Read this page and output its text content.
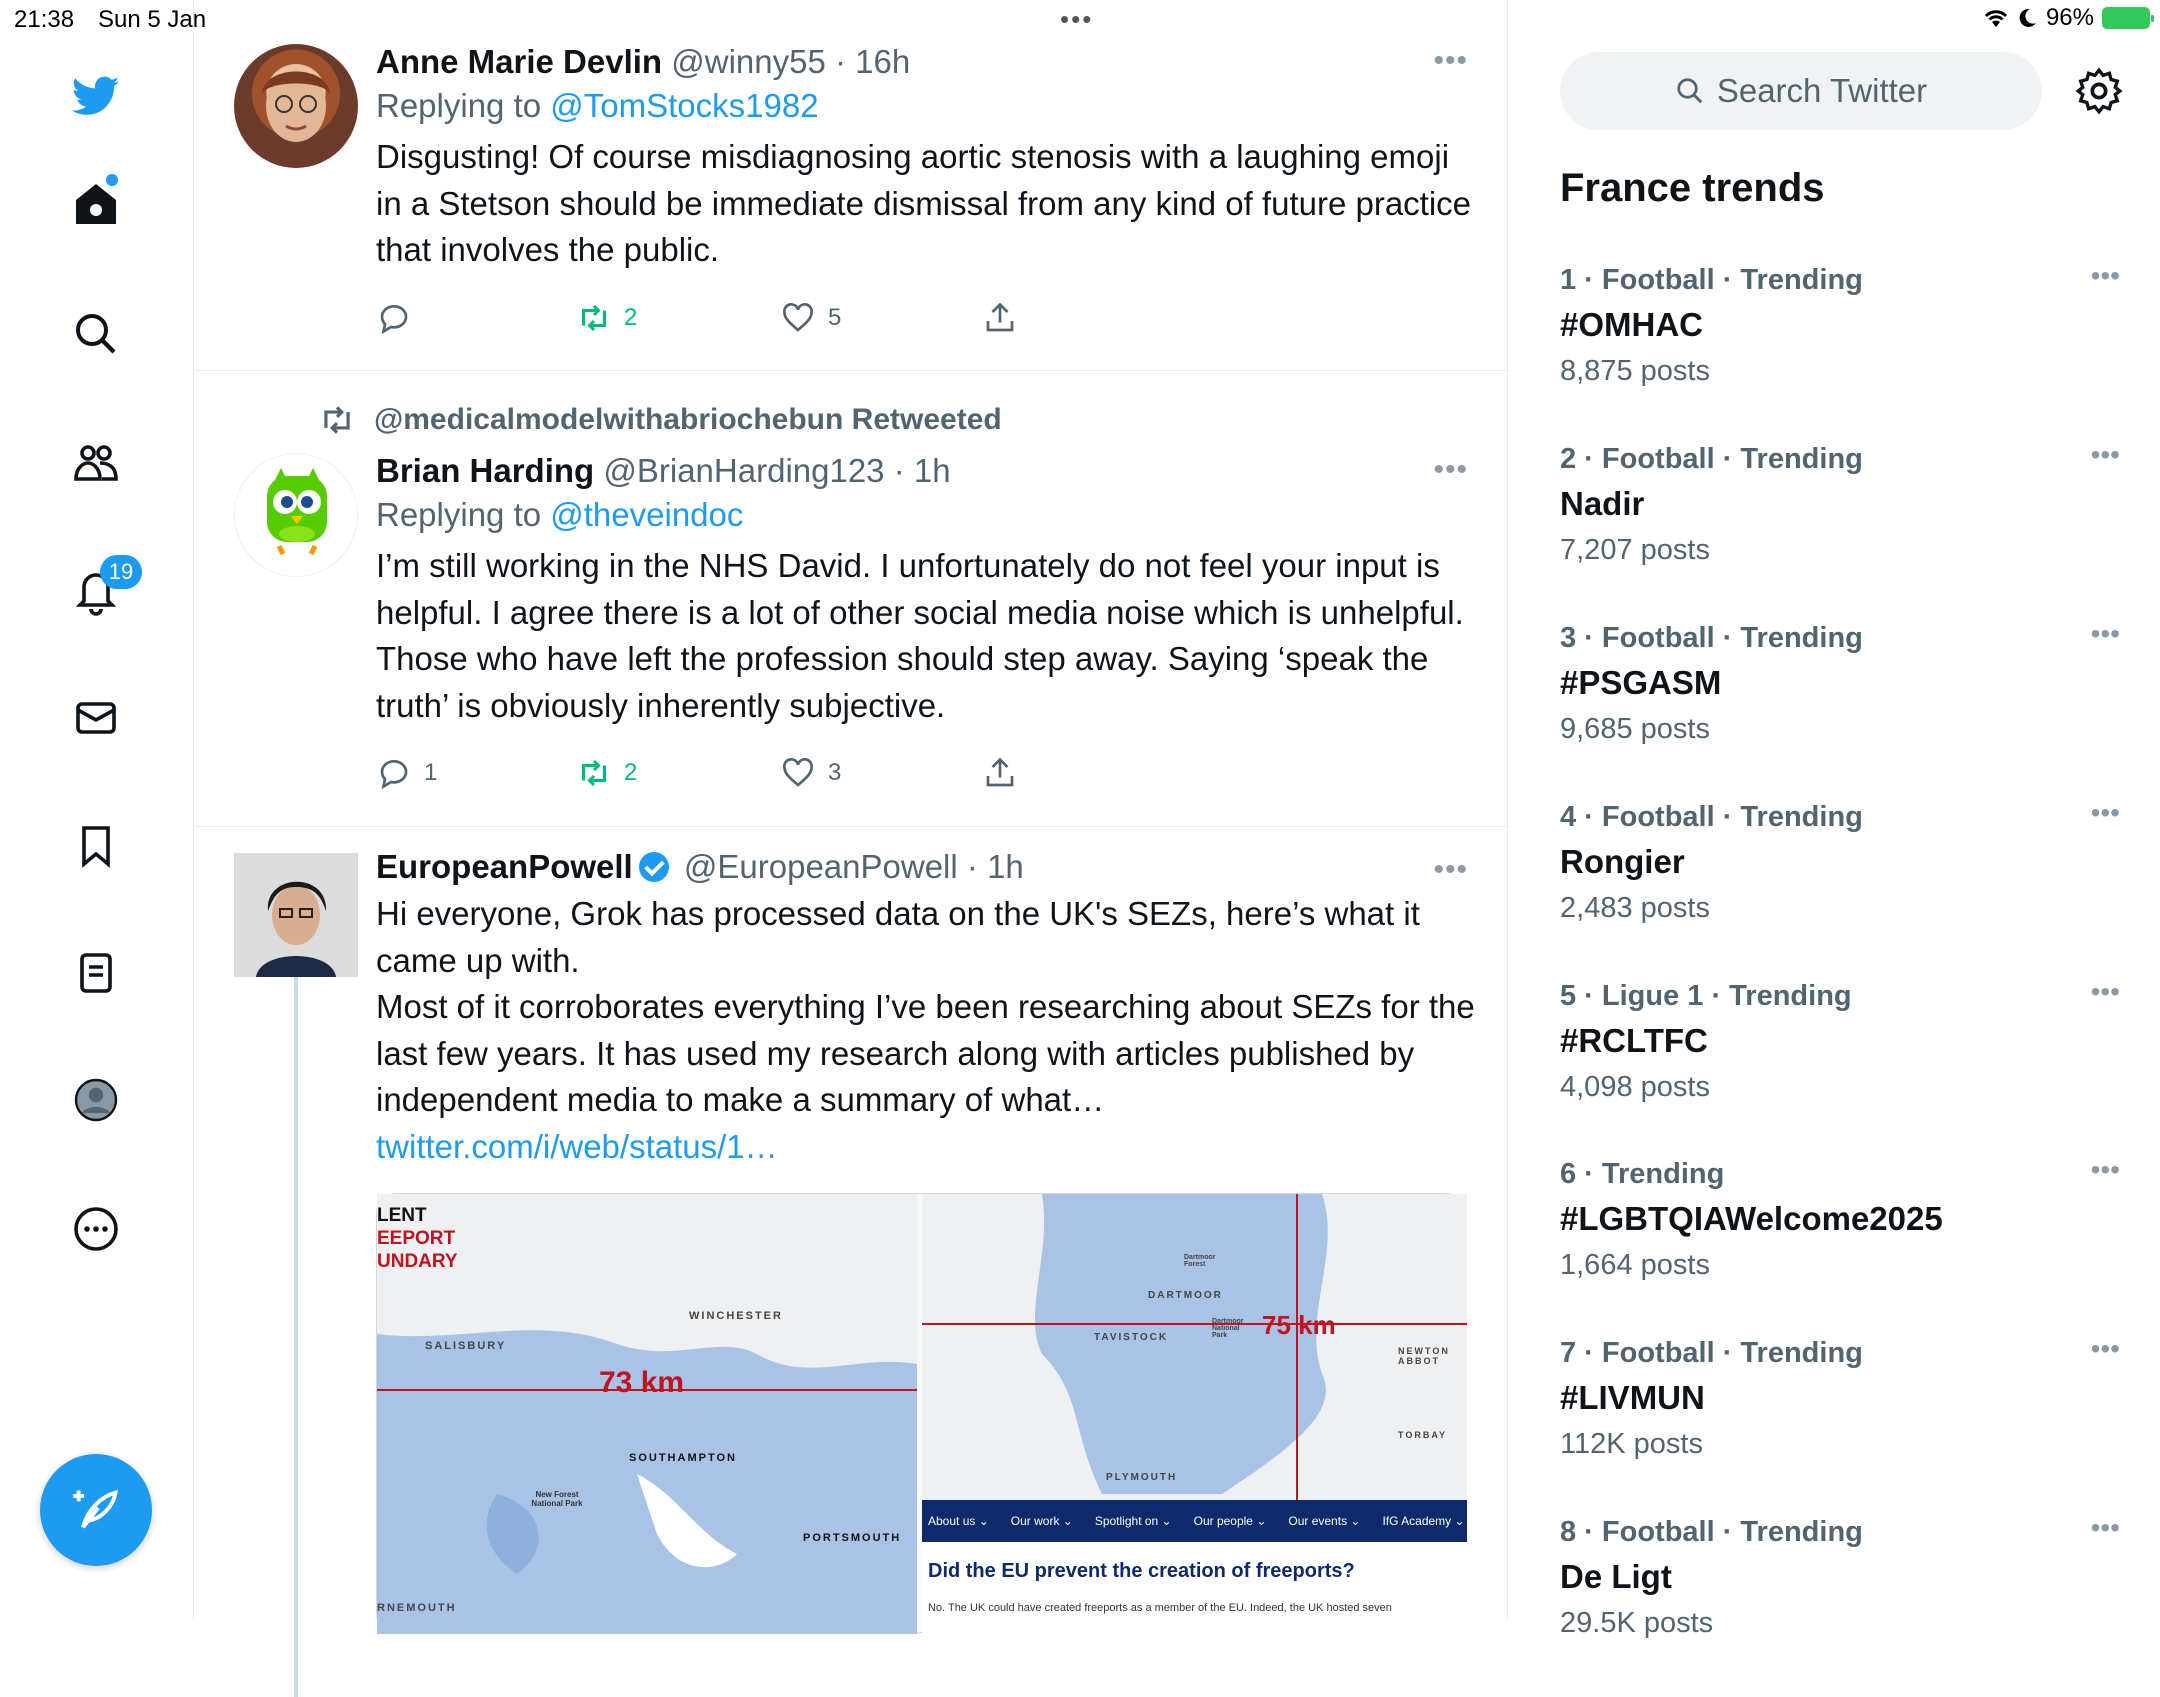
21:38 Sun 5 Jan	•••	96%
19
Anne Marie Devlin @winny55 · 16h
Replying to @TomStocks1982
Disgusting! Of course misdiagnosing aortic stenosis with a laughing emoji in a Stetson should be immediate dismissal from any kind of future practice that involves the public.
•••
2	5
@medicalmodelwithabriochebun Retweeted
Brian Harding @BrianHarding123 · 1h
Replying to @theveindoc
I’m still working in the NHS David. I unfortunately do not feel your input is helpful. I agree there is a lot of other social media noise which is unhelpful. Those who have left the profession should step away. Saying ‘speak the truth’ is obviously inherently subjective.
•••
1	2	3
EuropeanPowell @EuropeanPowell · 1h
Hi everyone, Grok has processed data on the UK's SEZs, here’s what it came up with.
Most of it corroborates everything I’ve been researching about SEZs for the last few years. It has used my research along with articles published by independent media to make a summary of what… twitter.com/i/web/status/1…
•••
LENT
EEPORT
UNDARY
73 km
SALISBURY
WINCHESTER
SOUTHAMPTON
PORTSMOUTH
New Forest National Park
RNEMOUTH
75 km
DARTMOOR
TAVISTOCK
PLYMOUTH
NEWTON ABBOT
TORBAY
Dartmoor Forest
Dartmoor National Park
About us ⌄ Our work ⌄ Spotlight on ⌄ Our people ⌄ Our events ⌄ IfG Academy ⌄
Did the EU prevent the creation of freeports?
No. The UK could have created freeports as a member of the EU. Indeed, the UK hosted seven
Search Twitter
France trends
1 · Football · Trending
#OMHAC
8,875 posts
•••
2 · Football · Trending
Nadir
7,207 posts
•••
3 · Football · Trending
#PSGASM
9,685 posts
•••
4 · Football · Trending
Rongier
2,483 posts
•••
5 · Ligue 1 · Trending
#RCLTFC
4,098 posts
•••
6 · Trending
#LGBTQIAWelcome2025
1,664 posts
•••
7 · Football · Trending
#LIVMUN
112K posts
•••
8 · Football · Trending
De Ligt
29.5K posts
•••
